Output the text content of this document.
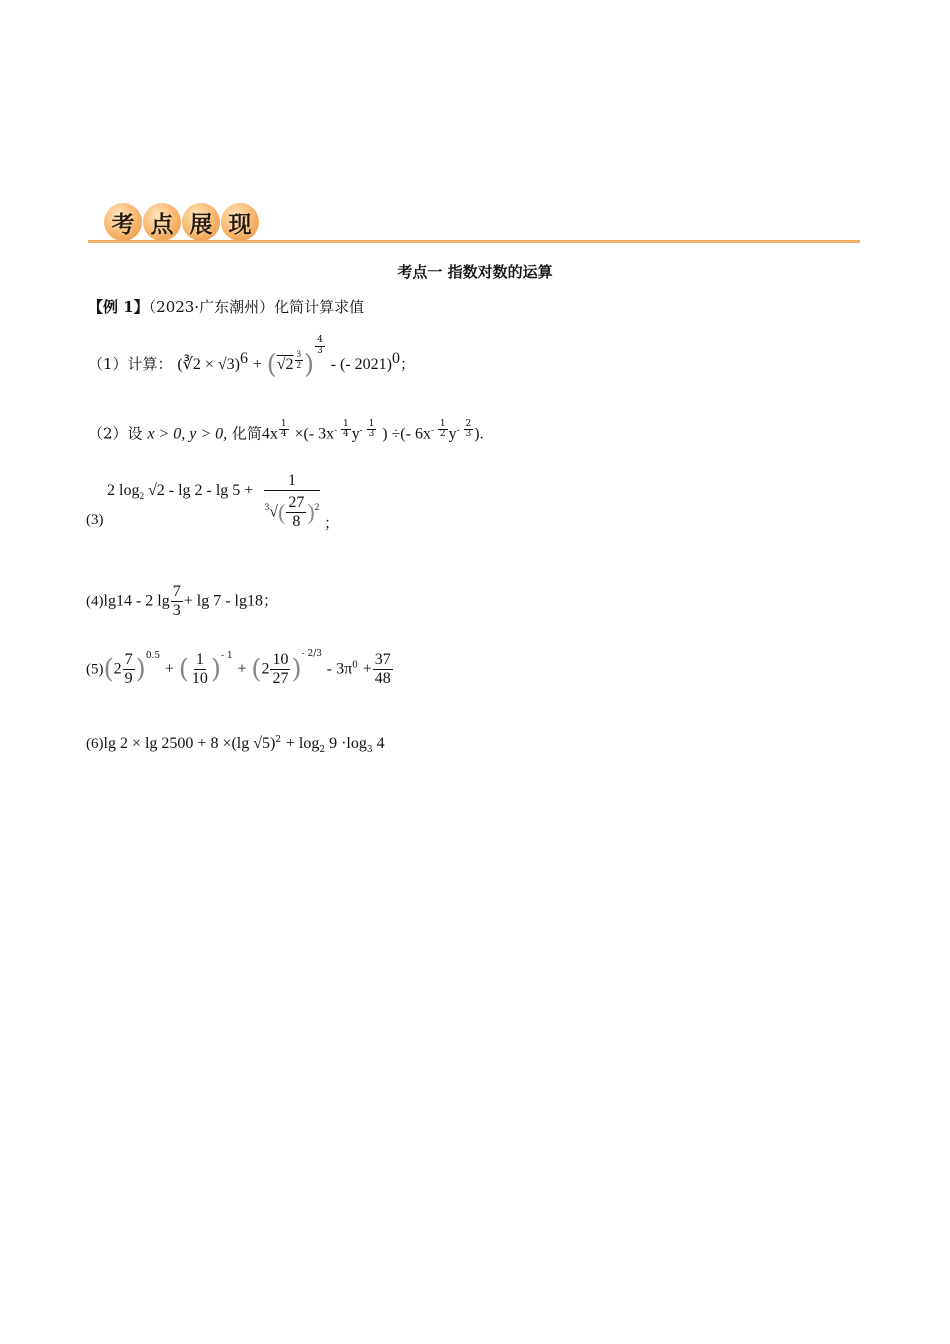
考 点 展 现
考点一 指数对数的运算
【例 1】（2023·广东潮州）化简计算求值
（1）计算： (∛2 × √3)$^6$ + (√2 $^{\frac{3}{2}}$ )
$^{\frac{4}{3}}$
- (- 2021)$^0$；
（2）设 x > 0, y > 0, 化简4x $^{\frac{1}{4}}$ ×(- $3x^{- \frac{1}{4}}$ $y^{- \frac{1}{3}}$ ) ÷(- $6x^{- \frac{1}{2}}$ $y^{- \frac{2}{3}}$ ).
(3)
2 $\log_2 √2$ - lg 2 - lg 5 +
1
$^3√( \frac{27}{8} )^2$
；
(4)lg14 - 2 $\lg \frac{7}{3} + \lg 7 - \lg 18$；
$(5)(2 \frac{7}{9} )^{0.5}$ + ( $\frac{1}{10} )^{- 1} + (2 \frac{10}{27} )^{- 2/3} - 3\pi^0 + \frac{37}{48}$
(6)lg 2 × lg 2500 + 8 ×(lg $√5)^2 + \log_2 9 \cdot\log_3$ 4
